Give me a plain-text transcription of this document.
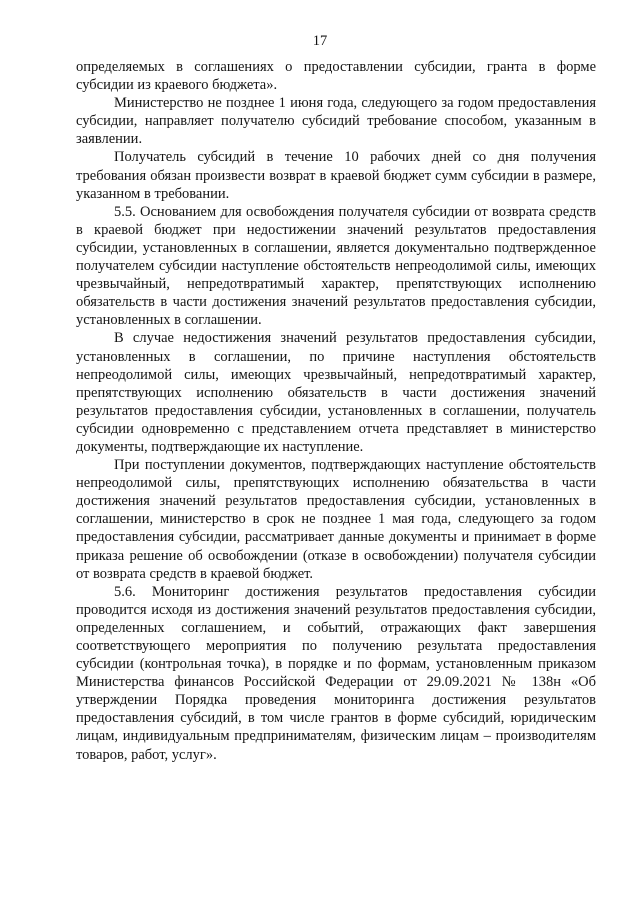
17

определяемых в соглашениях о предоставлении субсидии, гранта в форме субсидии из краевого бюджета».

Министерство не позднее 1 июня года, следующего за годом предоставления субсидии, направляет получателю субсидий требование способом, указанным в заявлении.

Получатель субсидий в течение 10 рабочих дней со дня получения требования обязан произвести возврат в краевой бюджет сумм субсидии в размере, указанном в требовании.

5.5. Основанием для освобождения получателя субсидии от возврата средств в краевой бюджет при недостижении значений результатов предоставления субсидии, установленных в соглашении, является документально подтвержденное получателем субсидии наступление обстоятельств непреодолимой силы, имеющих чрезвычайный, непредотвратимый характер, препятствующих исполнению обязательств в части достижения значений результатов предоставления субсидии, установленных в соглашении.

В случае недостижения значений результатов предоставления субсидии, установленных в соглашении, по причине наступления обстоятельств непреодолимой силы, имеющих чрезвычайный, непредотвратимый характер, препятствующих исполнению обязательств в части достижения значений результатов предоставления субсидии, установленных в соглашении, получатель субсидии одновременно с представлением отчета представляет в министерство документы, подтверждающие их наступление.

При поступлении документов, подтверждающих наступление обстоятельств непреодолимой силы, препятствующих исполнению обязательства в части достижения значений результатов предоставления субсидии, установленных в соглашении, министерство в срок не позднее 1 мая года, следующего за годом предоставления субсидии, рассматривает данные документы и принимает в форме приказа решение об освобождении (отказе в освобождении) получателя субсидии от возврата средств в краевой бюджет.

5.6. Мониторинг достижения результатов предоставления субсидии проводится исходя из достижения значений результатов предоставления субсидии, определенных соглашением, и событий, отражающих факт завершения соответствующего мероприятия по получению результата предоставления субсидии (контрольная точка), в порядке и по формам, установленным приказом Министерства финансов Российской Федерации от 29.09.2021 № 138н «Об утверждении Порядка проведения мониторинга достижения результатов предоставления субсидий, в том числе грантов в форме субсидий, юридическим лицам, индивидуальным предпринимателям, физическим лицам – производителям товаров, работ, услуг».
